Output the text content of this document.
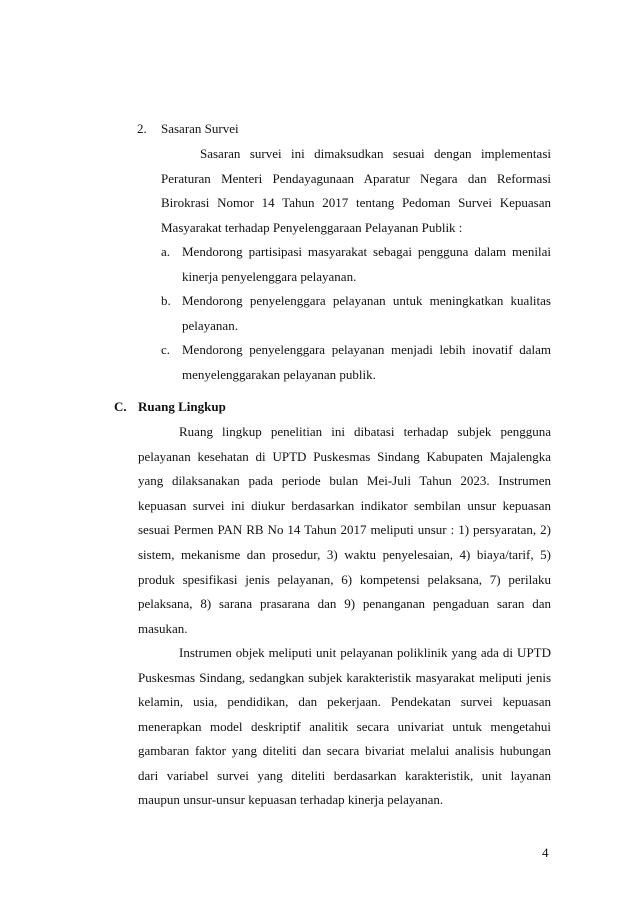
2. Sasaran Survei
Sasaran survei ini dimaksudkan sesuai dengan implementasi
Peraturan Menteri Pendayagunaan Aparatur Negara dan Reformasi
Birokrasi Nomor 14 Tahun 2017 tentang Pedoman Survei Kepuasan
Masyarakat terhadap Penyelenggaraan Pelayanan Publik :
a. Mendorong partisipasi masyarakat sebagai pengguna dalam menilai
kinerja penyelenggara pelayanan.
b. Mendorong penyelenggara pelayanan untuk meningkatkan kualitas
pelayanan.
c. Mendorong penyelenggara pelayanan menjadi lebih inovatif dalam
menyelenggarakan pelayanan publik.
C. Ruang Lingkup
Ruang lingkup penelitian ini dibatasi terhadap subjek pengguna
pelayanan kesehatan di UPTD Puskesmas Sindang Kabupaten Majalengka
yang dilaksanakan pada periode bulan Mei-Juli Tahun 2023. Instrumen
kepuasan survei ini diukur berdasarkan indikator sembilan unsur kepuasan
sesuai Permen PAN RB No 14 Tahun 2017 meliputi unsur : 1) persyaratan, 2)
sistem, mekanisme dan prosedur, 3) waktu penyelesaian, 4) biaya/tarif, 5)
produk spesifikasi jenis pelayanan, 6) kompetensi pelaksana, 7) perilaku
pelaksana, 8) sarana prasarana dan 9) penanganan pengaduan saran dan
masukan.
Instrumen objek meliputi unit pelayanan poliklinik yang ada di UPTD
Puskesmas Sindang, sedangkan subjek karakteristik masyarakat meliputi jenis
kelamin, usia, pendidikan, dan pekerjaan. Pendekatan survei kepuasan
menerapkan model deskriptif analitik secara univariat untuk mengetahui
gambaran faktor yang diteliti dan secara bivariat melalui analisis hubungan
dari variabel survei yang diteliti berdasarkan karakteristik, unit layanan
maupun unsur-unsur kepuasan terhadap kinerja pelayanan.
4
